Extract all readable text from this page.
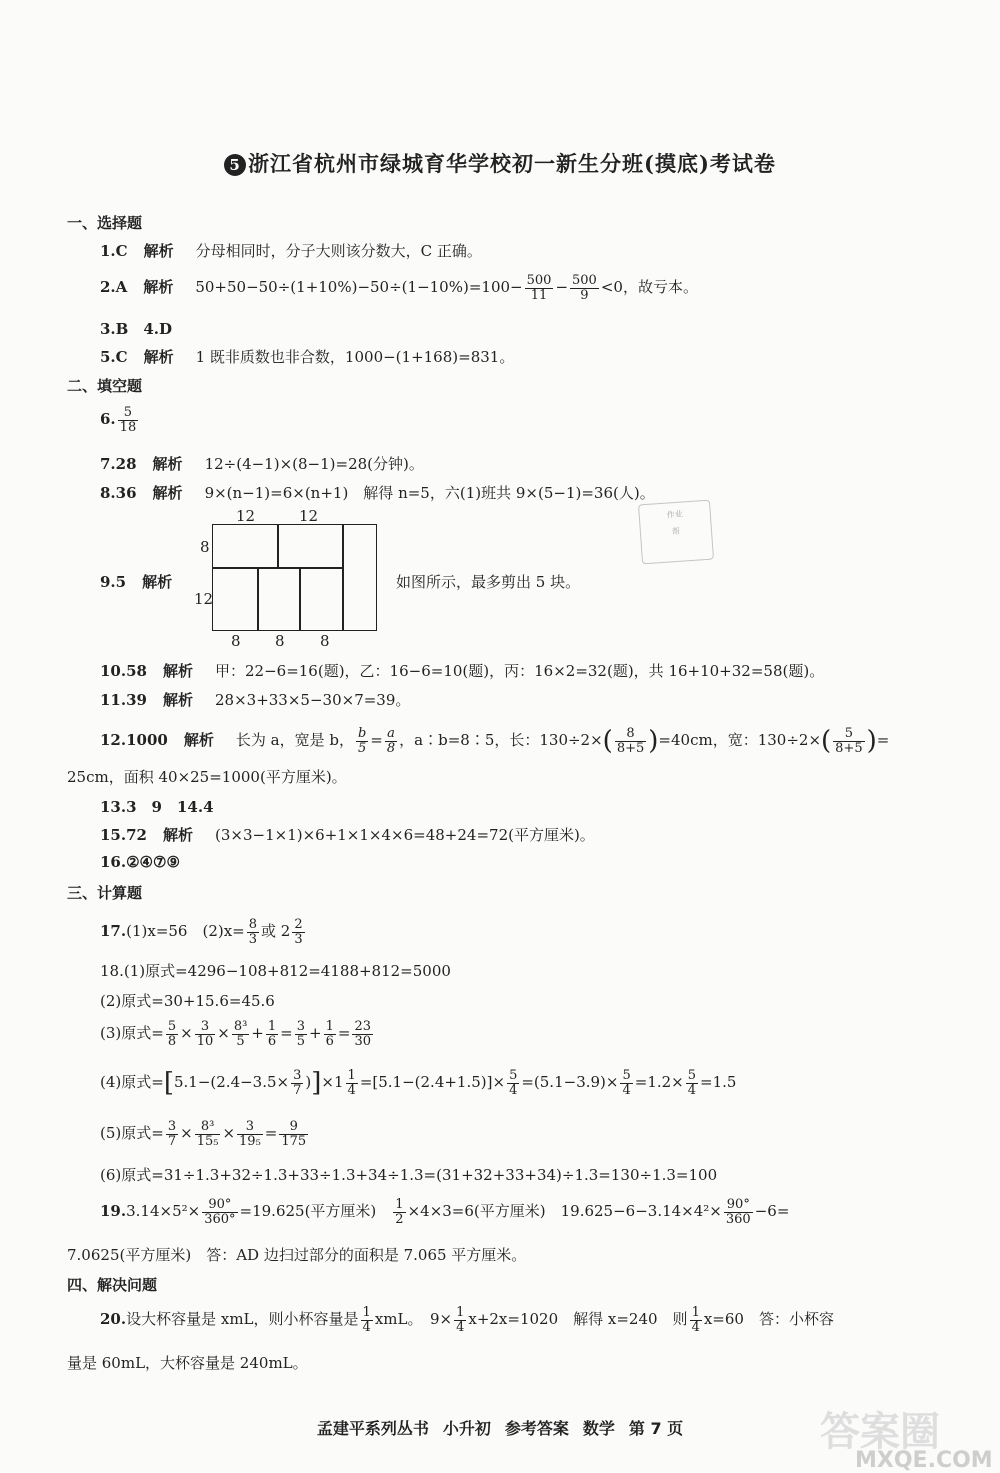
5 浙江省杭州市绿城育华学校初一新生分班(摸底)考试卷
一、选择题
1.C 解析 分母相同时，分子大则该分数大，C 正确。
2.A 解析 $50+50-50\div(1+10\%)-50\div(1-10\%)=100- \frac{500}{11} - \frac{500}{9} <0$，故亏本。
3.B　4.D
5.C 解析 1 既非质数也非合数，1000−(1+168)=831。
二、填空题
6. $\frac{5}{18}$
7.28 解析 12÷(4−1)×(8−1)=28(分钟)。
8.36 解析 9×(n−1)=6×(n+1)　解得 n=5，六(1)班共 9×(5−1)=36(人)。
12	12
8
12
8 8 8
9.5 解析	如图所示，最多剪出 5 块。
作业
帮
10.58 解析 甲：22−6=16(题)，乙：16−6=10(题)，丙：16×2=32(题)，共 16+10+32=58(题)。
11.39 解析 28×3+33×5−30×7=39。
12.1000 解析 长为 a，宽是 b， $\frac{b}{5} = \frac{a}{8}$ ，a∶b=8∶5，长：$130\div 2\times( \frac{8}{8+5} )=40cm$，宽：$130\div 2\times( \frac{5}{8+5}$ )=
25cm，面积 40×25=1000(平方厘米)。
13.3　9　14.4
15.72 解析 (3×3−1×1)×6+1×1×4×6=48+24=72(平方厘米)。
16.②④⑦⑨
三、计算题
17.(1)x=56　$(2)x= \frac{8}{3}$ 或 $2 \frac{2}{3}$
18.(1)原式=4296−108+812=4188+812=5000
(2)原式=30+15.6=45.6
(3)原式= $\frac{5}{8} \times \frac{3}{10} \times \frac{\text{8³}}{5} + \frac{1}{6} = \frac{3}{5} + \frac{1}{6} = \frac{23}{30}$
(4)原式$=[5.1-(2.4-3.5\times \frac{3}{7} )]\times 1 \frac{1}{4} =[5.1-(2.4+1.5)]\times \frac{5}{4} =(5.1-3.9)\times \frac{5}{4} =1.2\times \frac{5}{4} =1.5$
(5)原式= $\frac{3}{7} \times \frac{\text{8³}}{\text{15₅}} \times \frac{3}{\text{19₅}} = \frac{9}{175}$
(6)原式=31÷1.3+32÷1.3+33÷1.3+34÷1.3=(31+32+33+34)÷1.3=130÷1.3=100
$19.3.14\times 5^2\times \frac{90^\circ}{360^\circ} =19.625$(平方厘米)　 $\frac{1}{2} \times 4\times 3=6$(平方厘米)　$19.625-6-3.14\times 4^2\times \frac{90^\circ}{360} -6=$
7.0625(平方厘米)　答：AD 边扫过部分的面积是 7.065 平方厘米。
四、解决问题
20.设大杯容量是 xmL，则小杯容量是 $\frac{1}{4}$ xmL。　$9\times \frac{1}{4} x+2x=1020$　解得 x=240　则 $\frac{1}{4} x=60$　答：小杯容
量是 60mL，大杯容量是 240mL。
孟建平系列丛书 小升初 参考答案 数学 第 7 页	答案圈
MXQE.COM
